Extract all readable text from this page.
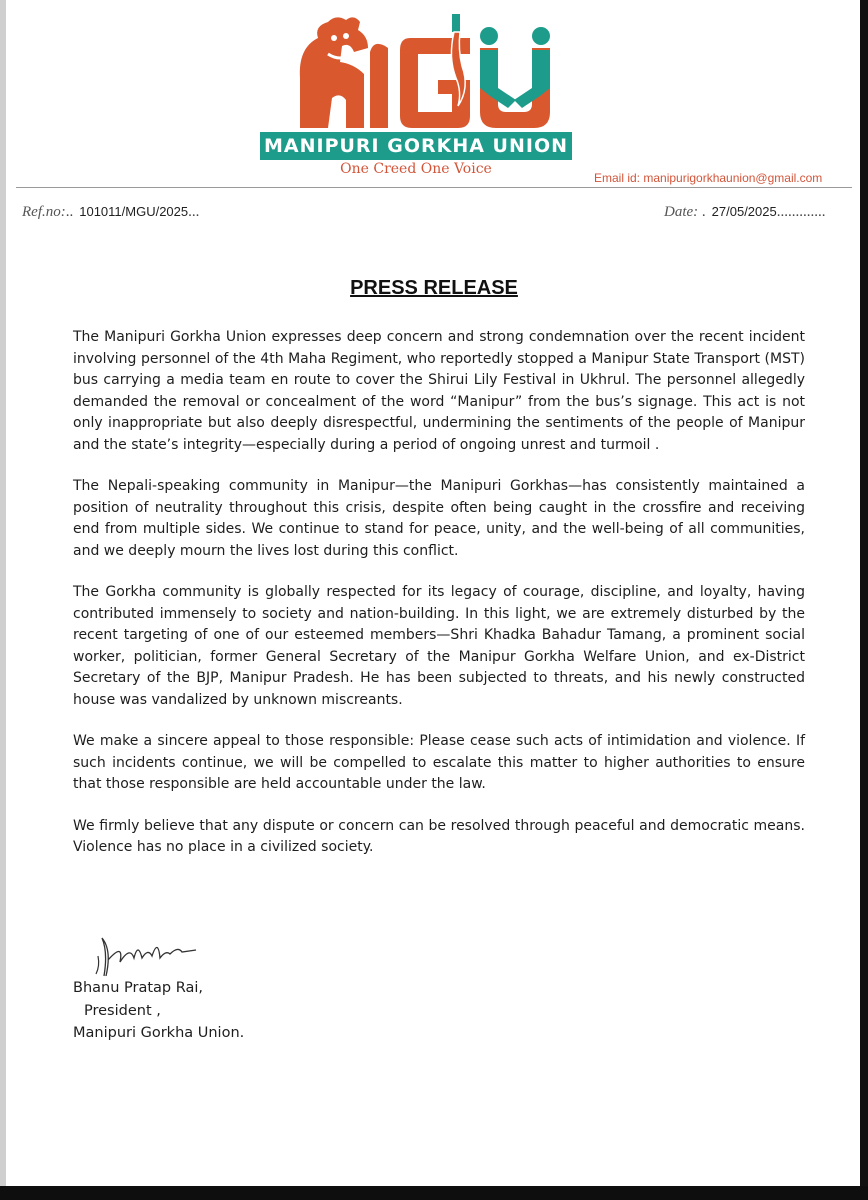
MANIPURI GORKHA UNION
One Creed One Voice
Email id: manipurigorkhaunion@gmail.com
Ref.no:.. 101011/MGU/2025...	Date: . 27/05/2025.............
PRESS RELEASE

The Manipuri Gorkha Union expresses deep concern and strong condemnation over the recent incident involving personnel of the 4th Maha Regiment, who reportedly stopped a Manipur State Transport (MST) bus carrying a media team en route to cover the Shirui Lily Festival in Ukhrul. The personnel allegedly demanded the removal or concealment of the word “Manipur” from the bus’s signage. This act is not only inappropriate but also deeply disrespectful, undermining the sentiments of the people of Manipur and the state’s integrity—especially during a period of ongoing unrest and turmoil .

The Nepali-speaking community in Manipur—the Manipuri Gorkhas—has consistently maintained a position of neutrality throughout this crisis, despite often being caught in the crossfire and receiving end from multiple sides. We continue to stand for peace, unity, and the well-being of all communities, and we deeply mourn the lives lost during this conflict.

The Gorkha community is globally respected for its legacy of courage, discipline, and loyalty, having contributed immensely to society and nation-building. In this light, we are extremely disturbed by the recent targeting of one of our esteemed members—Shri Khadka Bahadur Tamang, a prominent social worker, politician, former General Secretary of the Manipur Gorkha Welfare Union, and ex-District Secretary of the BJP, Manipur Pradesh. He has been subjected to threats, and his newly constructed house was vandalized by unknown miscreants.

We make a sincere appeal to those responsible: Please cease such acts of intimidation and violence. If such incidents continue, we will be compelled to escalate this matter to higher authorities to ensure that those responsible are held accountable under the law.

We firmly believe that any dispute or concern can be resolved through peaceful and democratic means. Violence has no place in a civilized society.

Bhanu Pratap Rai,
President ,
Manipuri Gorkha Union.
